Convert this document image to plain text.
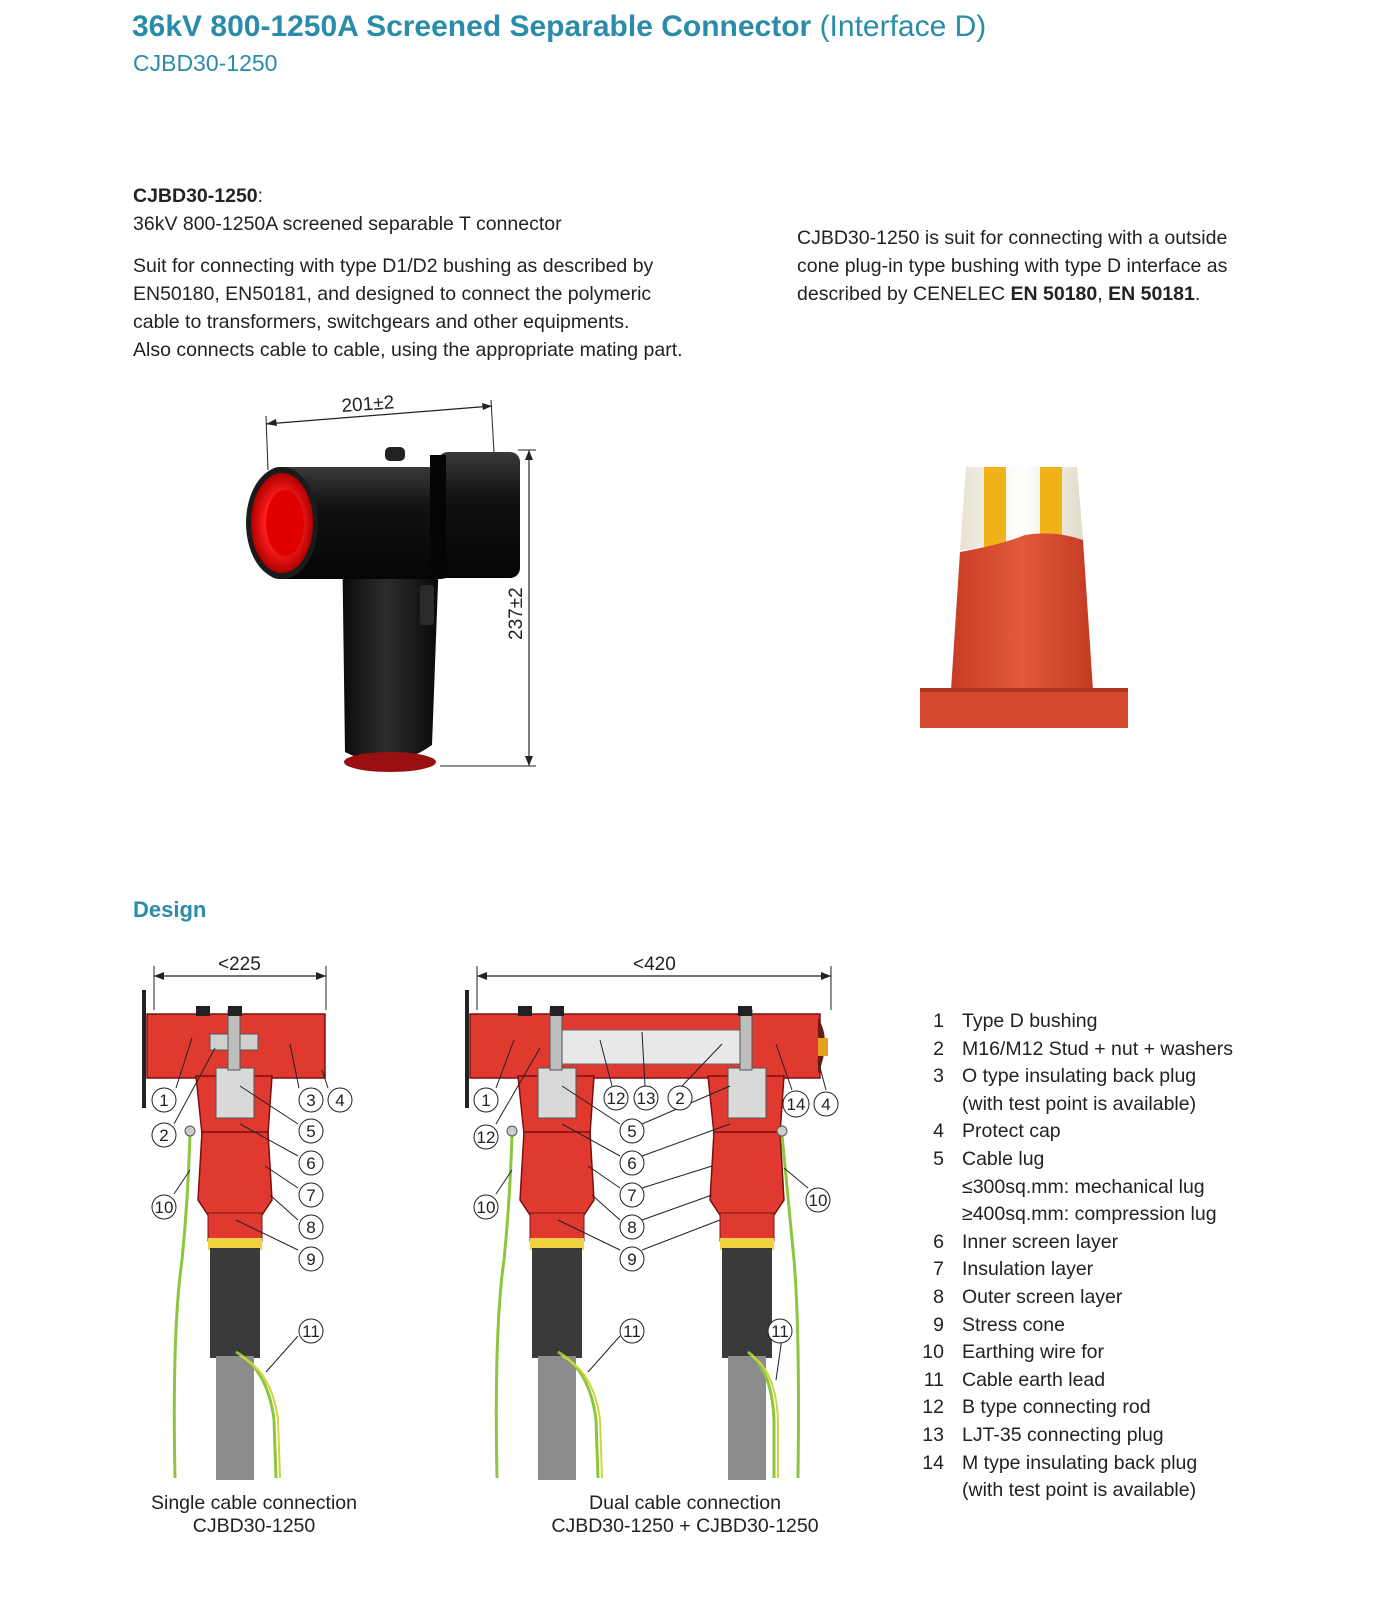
36kV 800-1250A Screened Separable Connector (Interface D)
CJBD30-1250
CJBD30-1250:
36kV 800-1250A screened separable T connector
Suit for connecting with type D1/D2 bushing as described by
EN50180, EN50181, and designed to connect the polymeric
cable to transformers, switchgears and other equipments.
Also connects cable to cable, using the appropriate mating part.
CJBD30-1250 is suit for connecting with a outside
cone plug-in type bushing with type D interface as
described by CENELEC EN 50180, EN 50181.
201±2
237±2
Design
<225
1
2
3 4
5
6
7
8
9
10
11
Single cable connection
CJBD30-1250
<420
1
12
12 13 2	14 4
5
6
7
8
9
10	10
11	11
Dual cable connection
CJBD30-1250 + CJBD30-1250
1 Type D bushing
2 M16/M12 Stud + nut + washers
3 O type insulating back plug
(with test point is available)
4 Protect cap
5 Cable lug
≤300sq.mm: mechanical lug
≥400sq.mm: compression lug
6 Inner screen layer
7 Insulation layer
8 Outer screen layer
9 Stress cone
10 Earthing wire for
11 Cable earth lead
12 B type connecting rod
13 LJT-35 connecting plug
14 M type insulating back plug
(with test point is available)
